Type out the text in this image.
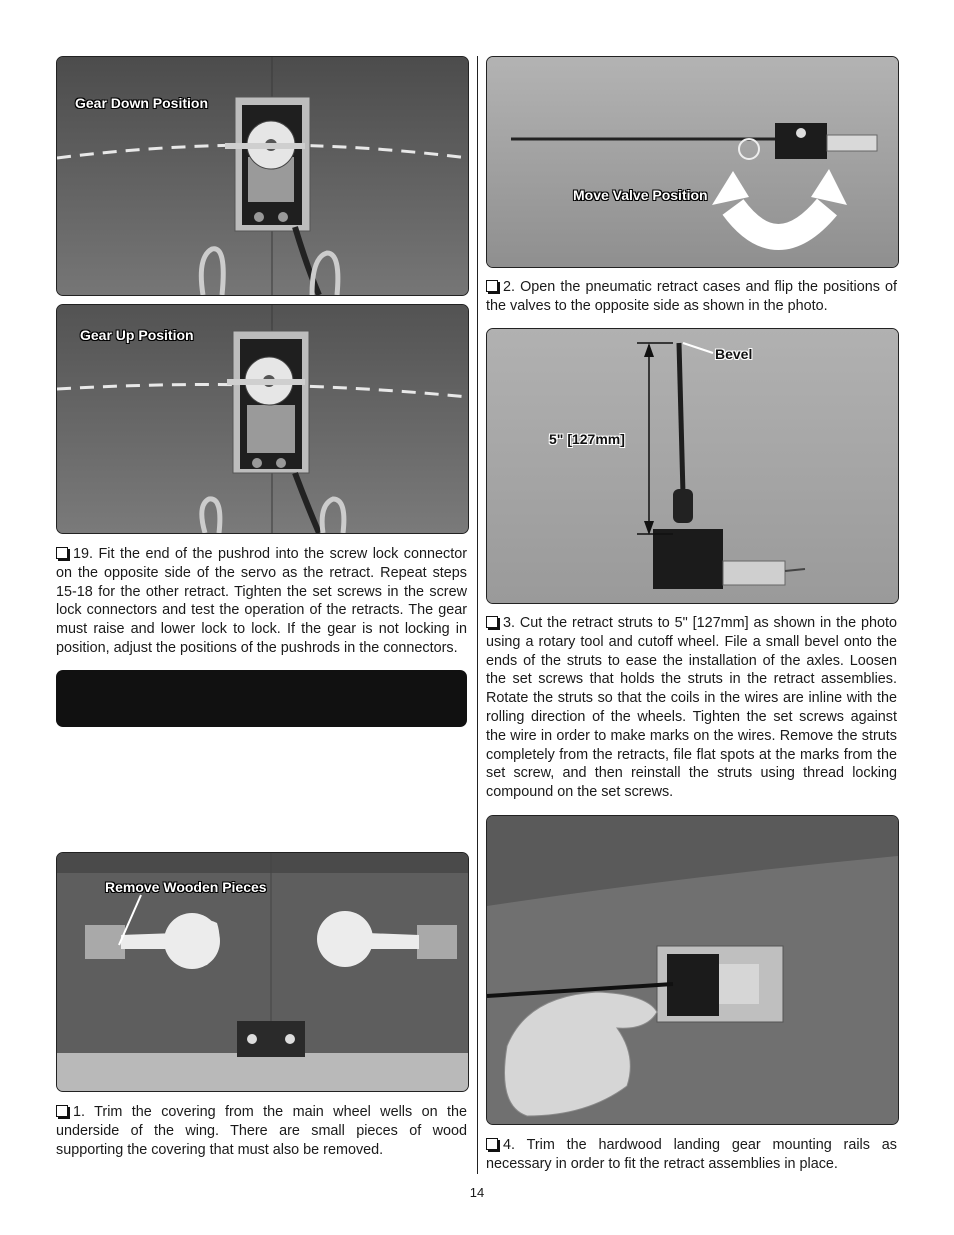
Gear Down Position
Gear Up Position

19. Fit the end of the pushrod into the screw lock connector on the opposite side of the servo as the retract. Repeat steps 15-18 for the other retract. Tighten the set screws in the screw lock connectors and test the operation of the retracts. The gear must raise and lower lock to lock. If the gear is not locking in position, adjust the positions of the pushrods in the connectors.

Remove Wooden Pieces

1. Trim the covering from the main wheel wells on the underside of the wing. There are small pieces of wood supporting the covering that must also be removed.

Move Valve Position

2. Open the pneumatic retract cases and flip the positions of the valves to the opposite side as shown in the photo.

Bevel
5" [127mm]

3. Cut the retract struts to 5" [127mm] as shown in the photo using a rotary tool and cutoff wheel. File a small bevel onto the ends of the struts to ease the installation of the axles. Loosen the set screws that holds the struts in the retract assemblies. Rotate the struts so that the coils in the wires are inline with the rolling direction of the wheels. Tighten the set screws against the wire in order to make marks on the wires. Remove the struts completely from the retracts, file flat spots at the marks from the set screw, and then reinstall the struts using thread locking compound on the set screws.

4. Trim the hardwood landing gear mounting rails as necessary in order to fit the retract assemblies in place.

14
